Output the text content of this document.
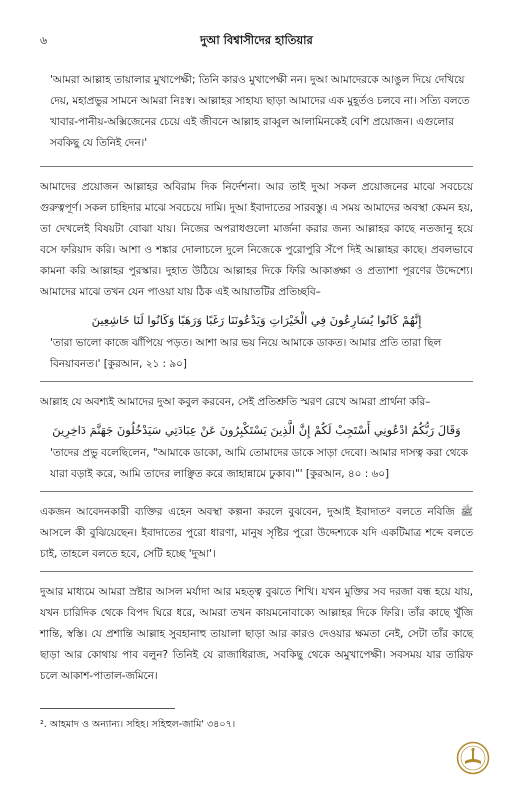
৬	দুআ বিশ্বাসীদের হাতিয়ার

'আমরা আল্লাহ তায়ালার মুখাপেক্ষী; তিনি কারও মুখাপেক্ষী নন। দুআ আমাদেরকে আঙুল দিয়ে দেখিয়ে দেয়, মহাপ্রভুর সামনে আমরা নিঃস্ব। আল্লাহর সাহায্য ছাড়া আমাদের এক মুহূর্তও চলবে না। সত্যি বলতে খাবার-পানীয়-অক্সিজেনের চেয়ে এই জীবনে আল্লাহ রাব্বুল আলামিনকেই বেশি প্রয়োজন। এগুলোর সবকিছু যে তিনিই দেন।'

আমাদের প্রয়োজন আল্লাহর অবিরাম দিক নির্দেশনা। আর তাই দুআ সকল প্রয়োজনের মাঝে সবচেয়ে গুরুত্বপূর্ণ। সকল চাহিদার মাঝে সবচেয়ে দামি। দুআ ইবাদাতের সারবস্তু। এ সময় আমাদের অবস্থা কেমন হয়, তা দেখলেই বিষয়টা বোঝা যায়। নিজের অপরাধগুলো মার্জনা করার জন্য আল্লাহর কাছে নতজানু হয়ে বসে ফরিয়াদ করি। আশা ও শঙ্কার দোলাচলে দুলে নিজেকে পুরোপুরি সঁপে দিই আল্লাহর কাছে। প্রবলভাবে কামনা করি আল্লাহর পুরস্কার। দুহাত উঠিয়ে আল্লাহর দিকে ফিরি আকাঙ্ক্ষা ও প্রত্যাশা পূরণের উদ্দেশ্যে। আমাদের মাঝে তখন যেন পাওয়া যায় ঠিক এই আয়াতটির প্রতিচ্ছবি–

إِنَّهُمْ كَانُوا يُسَارِعُونَ فِي الْخَيْرَاتِ وَيَدْعُونَنَا رَغَبًا وَرَهَبًا وَكَانُوا لَنَا خَاشِعِينَ

'তারা ভালো কাজে ঝাঁপিয়ে পড়ত। আশা আর ভয় নিয়ে আমাকে ডাকত। আমার প্রতি তারা ছিল বিনয়াবনত।' [কুরআন, ২১ : ৯০]

আল্লাহ যে অবশ্যই আমাদের দুআ কবুল করবেন, সেই প্রতিশ্রুতি স্মরণ রেখে আমরা প্রার্থনা করি–

وَقَالَ رَبُّكُمُ ادْعُونِي أَسْتَجِبْ لَكُمْ إِنَّ الَّذِينَ يَسْتَكْبِرُونَ عَنْ عِبَادَتِي سَيَدْخُلُونَ جَهَنَّمَ دَاخِرِينَ

'তাদের প্রভু বলেছিলেন, "আমাকে ডাকো, আমি তোমাদের ডাকে সাড়া দেবো। আমার দাসত্ব করা থেকে যারা বড়াই করে, আমি তাদের লাঞ্ছিত করে জাহান্নামে ঢুকাব।"' [কুরআন, ৪০ : ৬০]

একজন আবেদনকারী ব্যক্তির এহেন অবস্থা কল্পনা করলে বুঝবেন, দুআই ইবাদাত² বলতে নবিজি ﷺ আসলে কী বুঝিয়েছেন। ইবাদাতের পুরো ধারণা, মানুষ সৃষ্টির পুরো উদ্দেশ্যকে যদি একটিমাত্র শব্দে বলতে চাই, তাহলে বলতে হবে, সেটি হচ্ছে 'দুআ'।

দুআর মাধ্যমে আমরা স্রষ্টার আসল মর্যাদা আর মহত্ত্ব বুঝতে শিখি। যখন মুক্তির সব দরজা বন্ধ হয়ে যায়, যখন চারিদিক থেকে বিপদ ঘিরে ধরে, আমরা তখন কায়মনোবাক্যে আল্লাহর দিকে ফিরি। তাঁর কাছে খুঁজি শান্তি, স্বস্তি। যে প্রশান্তি আল্লাহ সুবহানাহু তায়ালা ছাড়া আর কারও দেওয়ার ক্ষমতা নেই, সেটা তাঁর কাছে ছাড়া আর কোথায় পাব বলুন? তিনিই যে রাজাধিরাজ, সবকিছু থেকে অমুখাপেক্ষী। সবসময় যার তারিফ চলে আকাশ-পাতাল-জমিনে।

². আহমাদ ও অন্যান্য। সহিহ। সহিহুল-জামি' ৩৪০৭।
